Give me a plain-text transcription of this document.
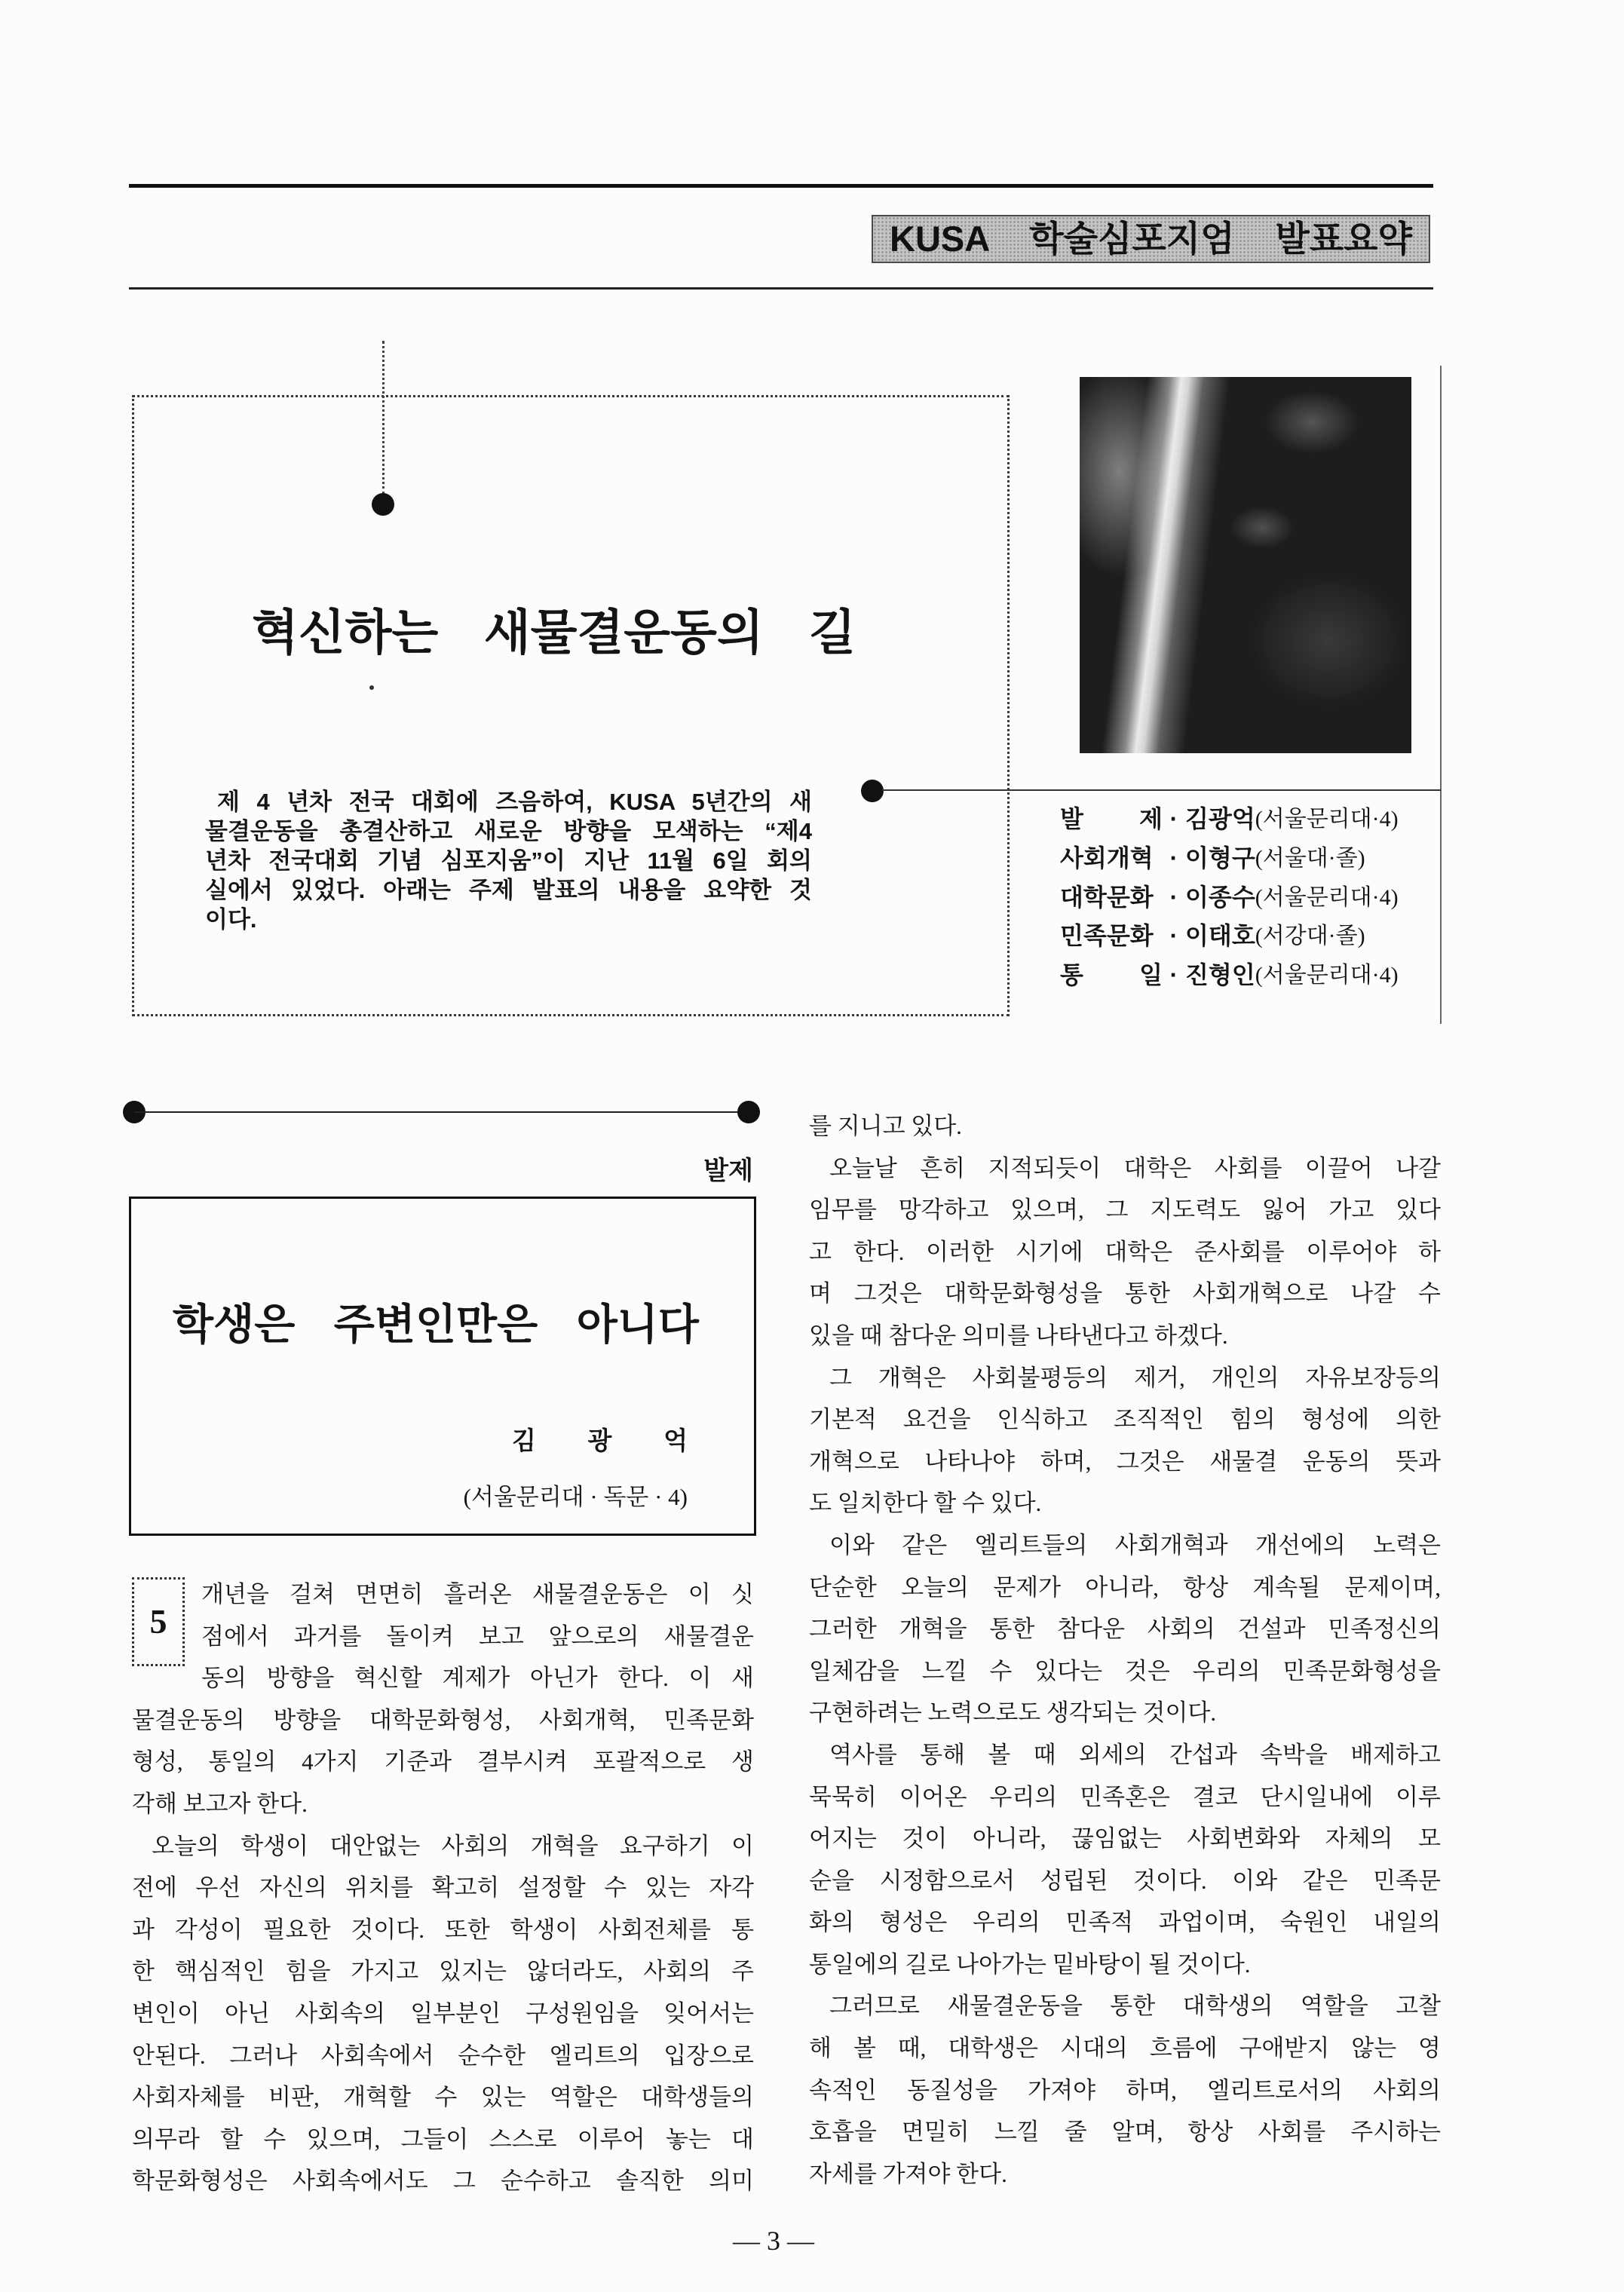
KUSA 학술심포지엄 발표요약
혁신하는 새물결운동의 길
제 4 년차 전국 대회에 즈음하여, KUSA 5년간의 새
물결운동을 총결산하고 새로운 방향을 모색하는 “제4
년차 전국대회 기념 심포지움”이 지난 11월 6일 회의
실에서 있었다. 아래는 주제 발표의 내용을 요약한 것
이다.
발 제 · 김광억(서울문리대·4)
사회개혁 · 이형구(서울대·졸)
대학문화 · 이종수(서울문리대·4)
민족문화 · 이태호(서강대·졸)
통 일 · 진형인(서울문리대·4)
발제
학생은 주변인만은 아니다
김 광 억
(서울문리대 · 독문 · 4)
5
개년을 걸쳐 면면히 흘러온 새물결운동은 이 싯
점에서 과거를 돌이켜 보고 앞으로의 새물결운
동의 방향을 혁신할 계제가 아닌가 한다. 이 새
물결운동의 방향을 대학문화형성, 사회개혁, 민족문화
형성, 통일의 4가지 기준과 결부시켜 포괄적으로 생
각해 보고자 한다.
오늘의 학생이 대안없는 사회의 개혁을 요구하기 이
전에 우선 자신의 위치를 확고히 설정할 수 있는 자각
과 각성이 필요한 것이다. 또한 학생이 사회전체를 통
한 핵심적인 힘을 가지고 있지는 않더라도, 사회의 주
변인이 아닌 사회속의 일부분인 구성원임을 잊어서는
안된다. 그러나 사회속에서 순수한 엘리트의 입장으로
사회자체를 비판, 개혁할 수 있는 역할은 대학생들의
의무라 할 수 있으며, 그들이 스스로 이루어 놓는 대
학문화형성은 사회속에서도 그 순수하고 솔직한 의미
를 지니고 있다.
오늘날 흔히 지적되듯이 대학은 사회를 이끌어 나갈
임무를 망각하고 있으며, 그 지도력도 잃어 가고 있다
고 한다. 이러한 시기에 대학은 준사회를 이루어야 하
며 그것은 대학문화형성을 통한 사회개혁으로 나갈 수
있을 때 참다운 의미를 나타낸다고 하겠다.
그 개혁은 사회불평등의 제거, 개인의 자유보장등의
기본적 요건을 인식하고 조직적인 힘의 형성에 의한
개혁으로 나타나야 하며, 그것은 새물결 운동의 뜻과
도 일치한다 할 수 있다.
이와 같은 엘리트들의 사회개혁과 개선에의 노력은
단순한 오늘의 문제가 아니라, 항상 계속될 문제이며,
그러한 개혁을 통한 참다운 사회의 건설과 민족정신의
일체감을 느낄 수 있다는 것은 우리의 민족문화형성을
구현하려는 노력으로도 생각되는 것이다.
역사를 통해 볼 때 외세의 간섭과 속박을 배제하고
묵묵히 이어온 우리의 민족혼은 결코 단시일내에 이루
어지는 것이 아니라, 끊임없는 사회변화와 자체의 모
순을 시정함으로서 성립된 것이다. 이와 같은 민족문
화의 형성은 우리의 민족적 과업이며, 숙원인 내일의
통일에의 길로 나아가는 밑바탕이 될 것이다.
그러므로 새물결운동을 통한 대학생의 역할을 고찰
해 볼 때, 대학생은 시대의 흐름에 구애받지 않는 영
속적인 동질성을 가져야 하며, 엘리트로서의 사회의
호흡을 면밀히 느낄 줄 알며, 항상 사회를 주시하는
자세를 가져야 한다.
— 3 —
